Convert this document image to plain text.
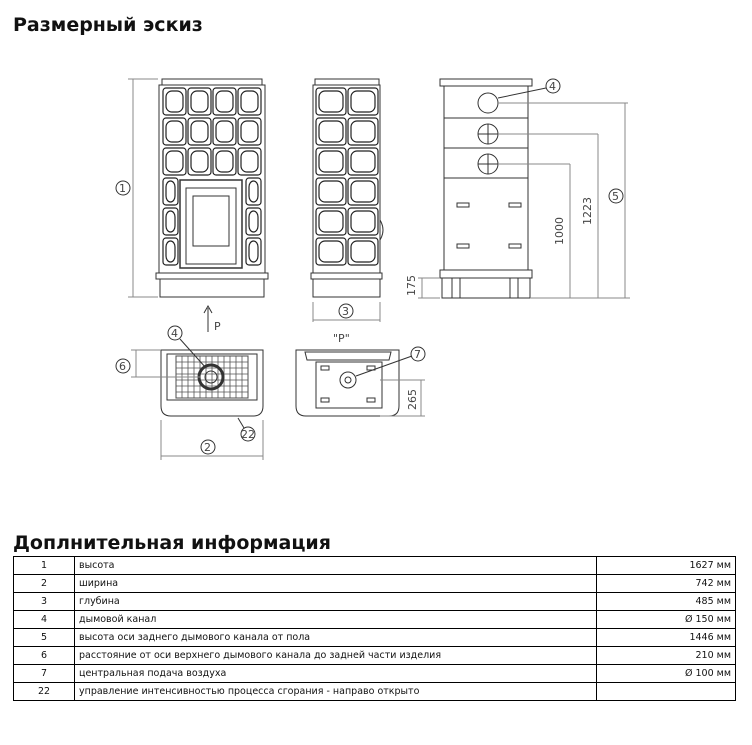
Размерный эскиз
1
3
4
5
6
4
2
22
7
P
"P"
175
1000
1223
265
Доплнительная информация
1	высота	1627 мм
2	ширина	742 мм
3	глубина	485 мм
4	дымовой канал	Ø 150 мм
5	высота оси заднего дымового канала от пола	1446 мм
6	расстояние от оси верхнего дымового канала до задней части изделия	210 мм
7	центральная подача воздуха	Ø 100 мм
22	управление интенсивностью процесса сгорания - направо открыто	
